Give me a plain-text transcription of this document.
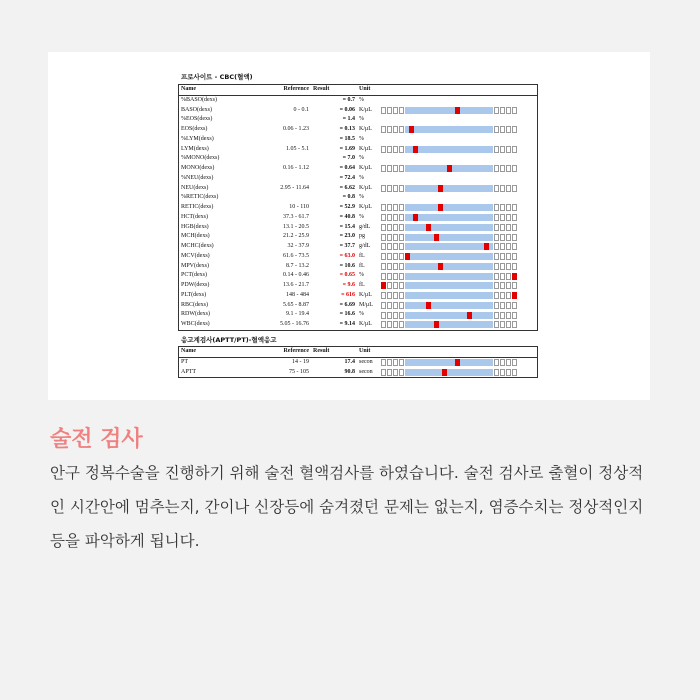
프로사이트 - CBC(혈액)
Name	Reference	Result	Unit	
%BASO(dexs)		= 0.7	%	
BASO(dexs)	0 - 0.1	= 0.06	K/μL	

%EOS(dexs)		= 1.4	%	
EOS(dexs)	0.06 - 1.23	= 0.13	K/μL	

%LYM(dexs)		= 18.5	%	
LYM(dexs)	1.05 - 5.1	= 1.69	K/μL	

%MONO(dexs)		= 7.0	%	
MONO(dexs)	0.16 - 1.12	= 0.64	K/μL	

%NEU(dexs)		= 72.4	%	
NEU(dexs)	2.95 - 11.64	= 6.62	K/μL	

%RETIC(dexs)		= 0.8	%	
RETIC(dexs)	10 - 110	= 52.9	K/μL	

HCT(dexs)	37.3 - 61.7	= 40.8	%	

HGB(dexs)	13.1 - 20.5	= 15.4	g/dL	

MCH(dexs)	21.2 - 25.9	= 23.0	pg	

MCHC(dexs)	32 - 37.9	= 37.7	g/dL	

MCV(dexs)	61.6 - 73.5	= 63.0	fL	

MPV(dexs)	8.7 - 13.2	= 10.6	fL	

PCT(dexs)	0.14 - 0.46	= 0.65	%	

PDW(dexs)	13.6 - 21.7	= 9.6	fL	

PLT(dexs)	148 - 484	= 616	K/μL	

RBC(dexs)	5.65 - 8.87	= 6.69	M/μL	

RDW(dexs)	9.1 - 19.4	= 16.6	%	

WBC(dexs)	5.05 - 16.76	= 9.14	K/μL	
응고계검사(APTT/PT)-혈액응고
Name	Reference	Result	Unit	
PT	14 - 19	17.4	secon	

APTT	75 - 105	90.8	secon	
술전 검사
안구 정복수술을 진행하기 위해 술전 혈액검사를 하였습니다. 술전 검사로 출혈이 정상적인 시간안에 멈추는지, 간이나 신장등에 숨겨졌던 문제는 없는지, 염증수치는 정상적인지 등을 파악하게 됩니다.
